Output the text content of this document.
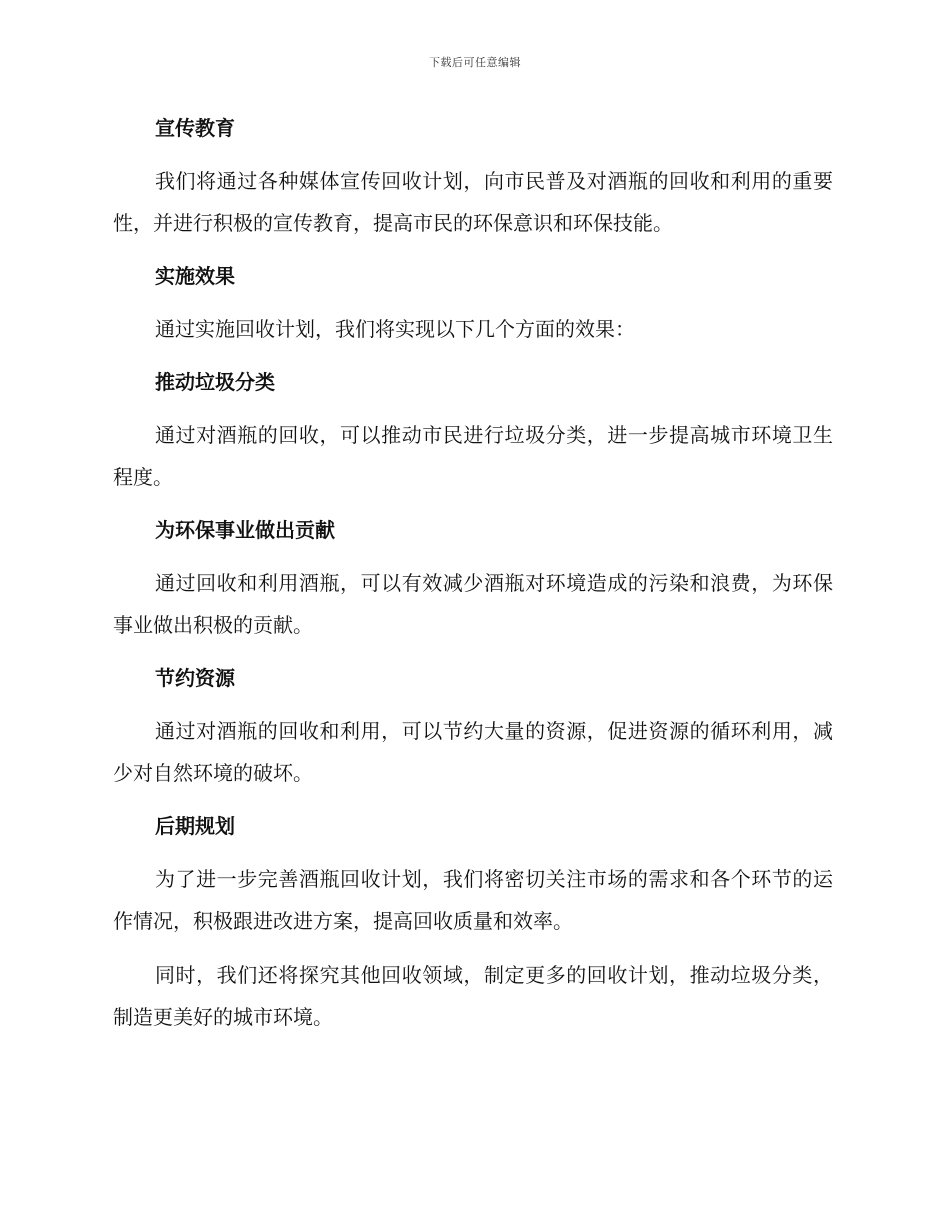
下载后可任意编辑
宣传教育
我们将通过各种媒体宣传回收计划，向市民普及对酒瓶的回收和利用的重要性，并进行积极的宣传教育，提高市民的环保意识和环保技能。
实施效果
通过实施回收计划，我们将实现以下几个方面的效果：
推动垃圾分类
通过对酒瓶的回收，可以推动市民进行垃圾分类，进一步提高城市环境卫生程度。
为环保事业做出贡献
通过回收和利用酒瓶，可以有效减少酒瓶对环境造成的污染和浪费，为环保事业做出积极的贡献。
节约资源
通过对酒瓶的回收和利用，可以节约大量的资源，促进资源的循环利用，减少对自然环境的破坏。
后期规划
为了进一步完善酒瓶回收计划，我们将密切关注市场的需求和各个环节的运作情况，积极跟进改进方案，提高回收质量和效率。
同时，我们还将探究其他回收领域，制定更多的回收计划，推动垃圾分类，制造更美好的城市环境。
